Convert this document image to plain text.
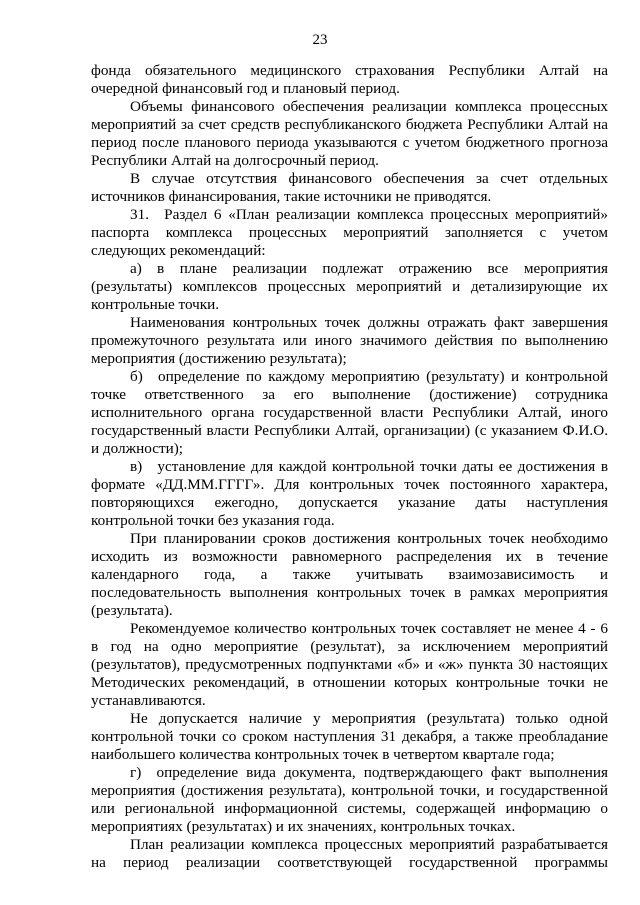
23

фонда обязательного медицинского страхования Республики Алтай на очередной финансовый год и плановый период.

Объемы финансового обеспечения реализации комплекса процессных мероприятий за счет средств республиканского бюджета Республики Алтай на период после планового периода указываются с учетом бюджетного прогноза Республики Алтай на долгосрочный период.

В случае отсутствия финансового обеспечения за счет отдельных источников финансирования, такие источники не приводятся.

31. Раздел 6 «План реализации комплекса процессных мероприятий» паспорта комплекса процессных мероприятий заполняется с учетом следующих рекомендаций:

а) в плане реализации подлежат отражению все мероприятия (результаты) комплексов процессных мероприятий и детализирующие их контрольные точки.

Наименования контрольных точек должны отражать факт завершения промежуточного результата или иного значимого действия по выполнению мероприятия (достижению результата);

б) определение по каждому мероприятию (результату) и контрольной точке ответственного за его выполнение (достижение) сотрудника исполнительного органа государственной власти Республики Алтай, иного государственный власти Республики Алтай, организации) (с указанием Ф.И.О. и должности);

в) установление для каждой контрольной точки даты ее достижения в формате «ДД.ММ.ГГГГ». Для контрольных точек постоянного характера, повторяющихся ежегодно, допускается указание даты наступления контрольной точки без указания года.

При планировании сроков достижения контрольных точек необходимо исходить из возможности равномерного распределения их в течение календарного года, а также учитывать взаимозависимость и последовательность выполнения контрольных точек в рамках мероприятия (результата).

Рекомендуемое количество контрольных точек составляет не менее 4 - 6 в год на одно мероприятие (результат), за исключением мероприятий (результатов), предусмотренных подпунктами «б» и «ж» пункта 30 настоящих Методических рекомендаций, в отношении которых контрольные точки не устанавливаются.

Не допускается наличие у мероприятия (результата) только одной контрольной точки со сроком наступления 31 декабря, а также преобладание наибольшего количества контрольных точек в четвертом квартале года;

г) определение вида документа, подтверждающего факт выполнения мероприятия (достижения результата), контрольной точки, и государственной или региональной информационной системы, содержащей информацию о мероприятиях (результатах) и их значениях, контрольных точках.

План реализации комплекса процессных мероприятий разрабатывается на период реализации соответствующей государственной программы
